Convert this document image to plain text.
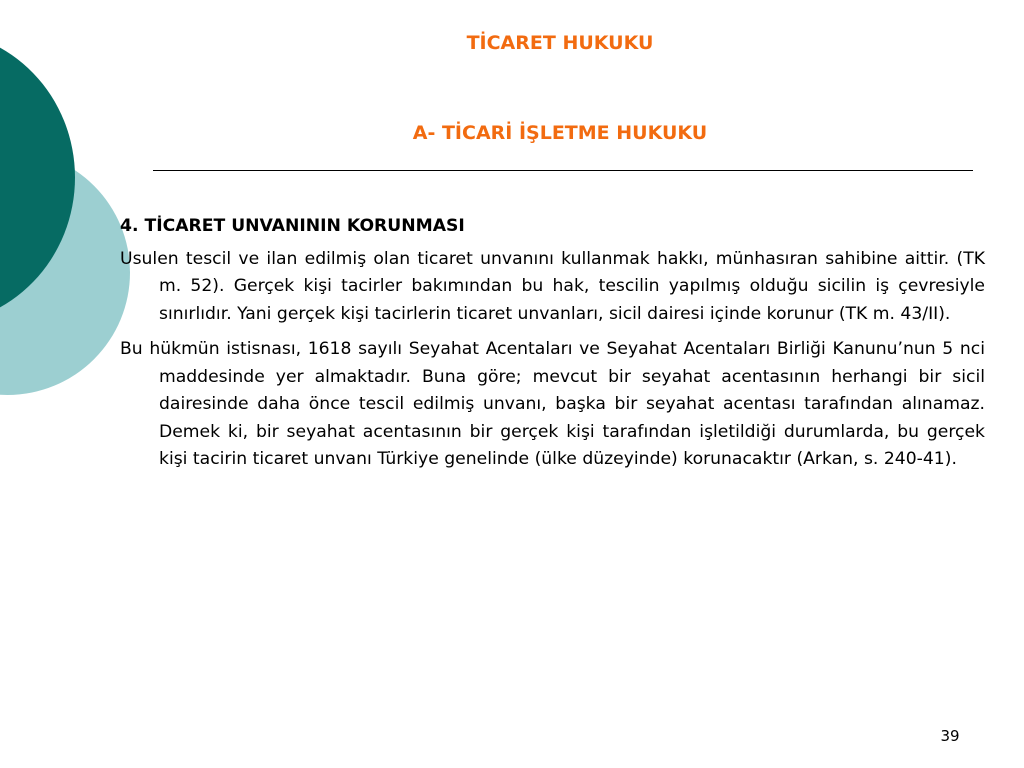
TİCARET HUKUKU
A- TİCARİ İŞLETME HUKUKU

4. TİCARET UNVANININ KORUNMASI

Usulen tescil ve ilan edilmiş olan ticaret unvanını kullanmak hakkı, münhasıran sahibine aittir. (TK m. 52). Gerçek kişi tacirler bakımından bu hak, tescilin yapılmış olduğu sicilin iş çevresiyle sınırlıdır. Yani gerçek kişi tacirlerin ticaret unvanları, sicil dairesi içinde korunur (TK m. 43/II).

Bu hükmün istisnası, 1618 sayılı Seyahat Acentaları ve Seyahat Acentaları Birliği Kanunu’nun 5 nci maddesinde yer almaktadır. Buna göre; mevcut bir seyahat acentasının herhangi bir sicil dairesinde daha önce tescil edilmiş unvanı, başka bir seyahat acentası tarafından alınamaz. Demek ki, bir seyahat acentasının bir gerçek kişi tarafından işletildiği durumlarda, bu gerçek kişi tacirin ticaret unvanı Türkiye genelinde (ülke düzeyinde) korunacaktır (Arkan, s. 240-41).

39
